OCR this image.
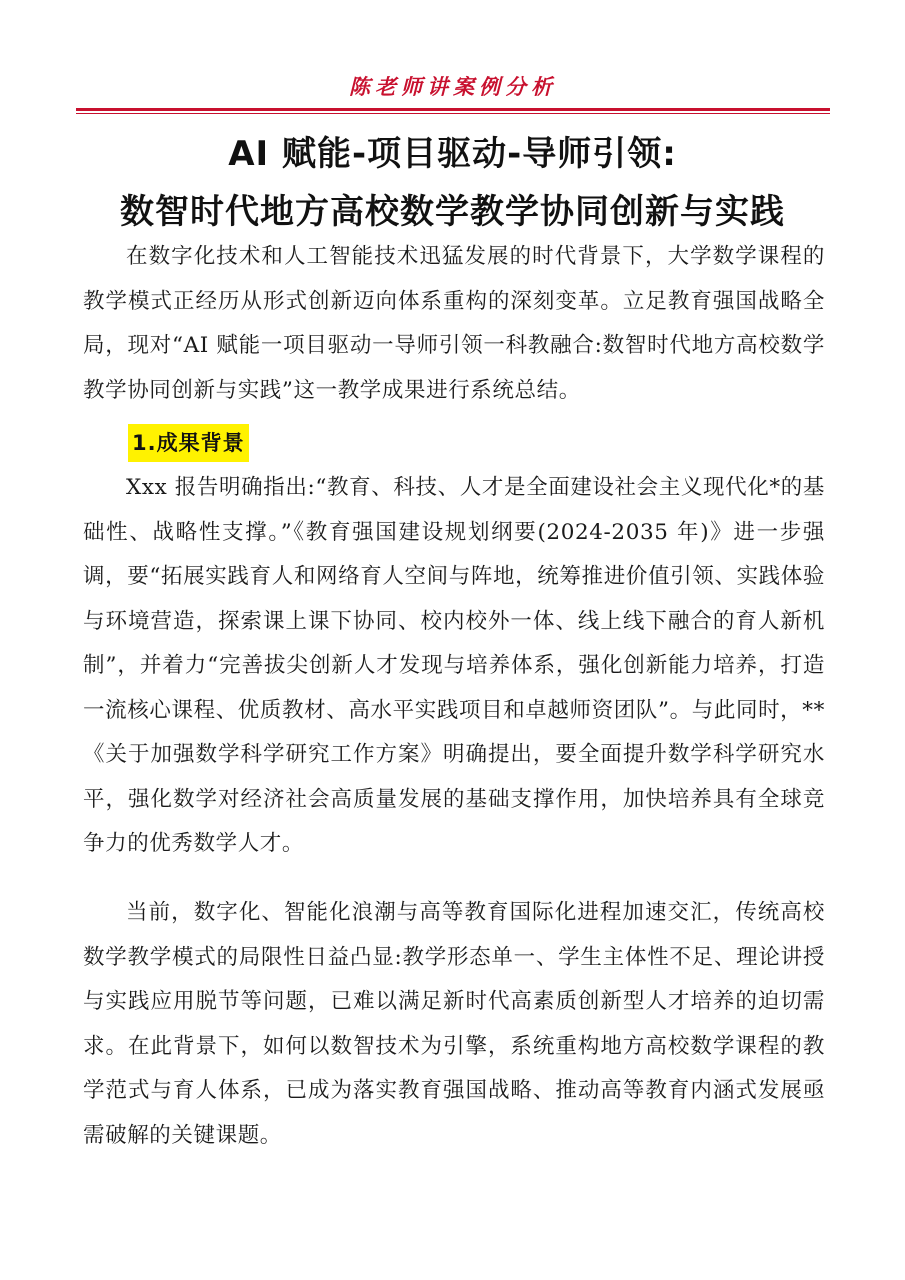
陈老师讲案例分析
AI 赋能-项目驱动-导师引领:
数智时代地方高校数学教学协同创新与实践

在数字化技术和人工智能技术迅猛发展的时代背景下，大学数学课程的教学模式正经历从形式创新迈向体系重构的深刻变革。立足教育强国战略全局，现对“AI 赋能一项目驱动一导师引领一科教融合:数智时代地方高校数学教学协同创新与实践”这一教学成果进行系统总结。

1.成果背景

Xxx 报告明确指出:“教育、科技、人才是全面建设社会主义现代化*的基础性、战略性支撑。”《教育强国建设规划纲要(2024-2035 年)》进一步强调，要“拓展实践育人和网络育人空间与阵地，统筹推进价值引领、实践体验与环境营造，探索课上课下协同、校内校外一体、线上线下融合的育人新机制”，并着力“完善拔尖创新人才发现与培养体系，强化创新能力培养，打造一流核心课程、优质教材、高水平实践项目和卓越师资团队”。与此同时，**《关于加强数学科学研究工作方案》明确提出，要全面提升数学科学研究水平，强化数学对经济社会高质量发展的基础支撑作用，加快培养具有全球竞争力的优秀数学人才。

当前，数字化、智能化浪潮与高等教育国际化进程加速交汇，传统高校数学教学模式的局限性日益凸显:教学形态单一、学生主体性不足、理论讲授与实践应用脱节等问题，已难以满足新时代高素质创新型人才培养的迫切需求。在此背景下，如何以数智技术为引擎，系统重构地方高校数学课程的教学范式与育人体系，已成为落实教育强国战略、推动高等教育内涵式发展亟需破解的关键课题。
